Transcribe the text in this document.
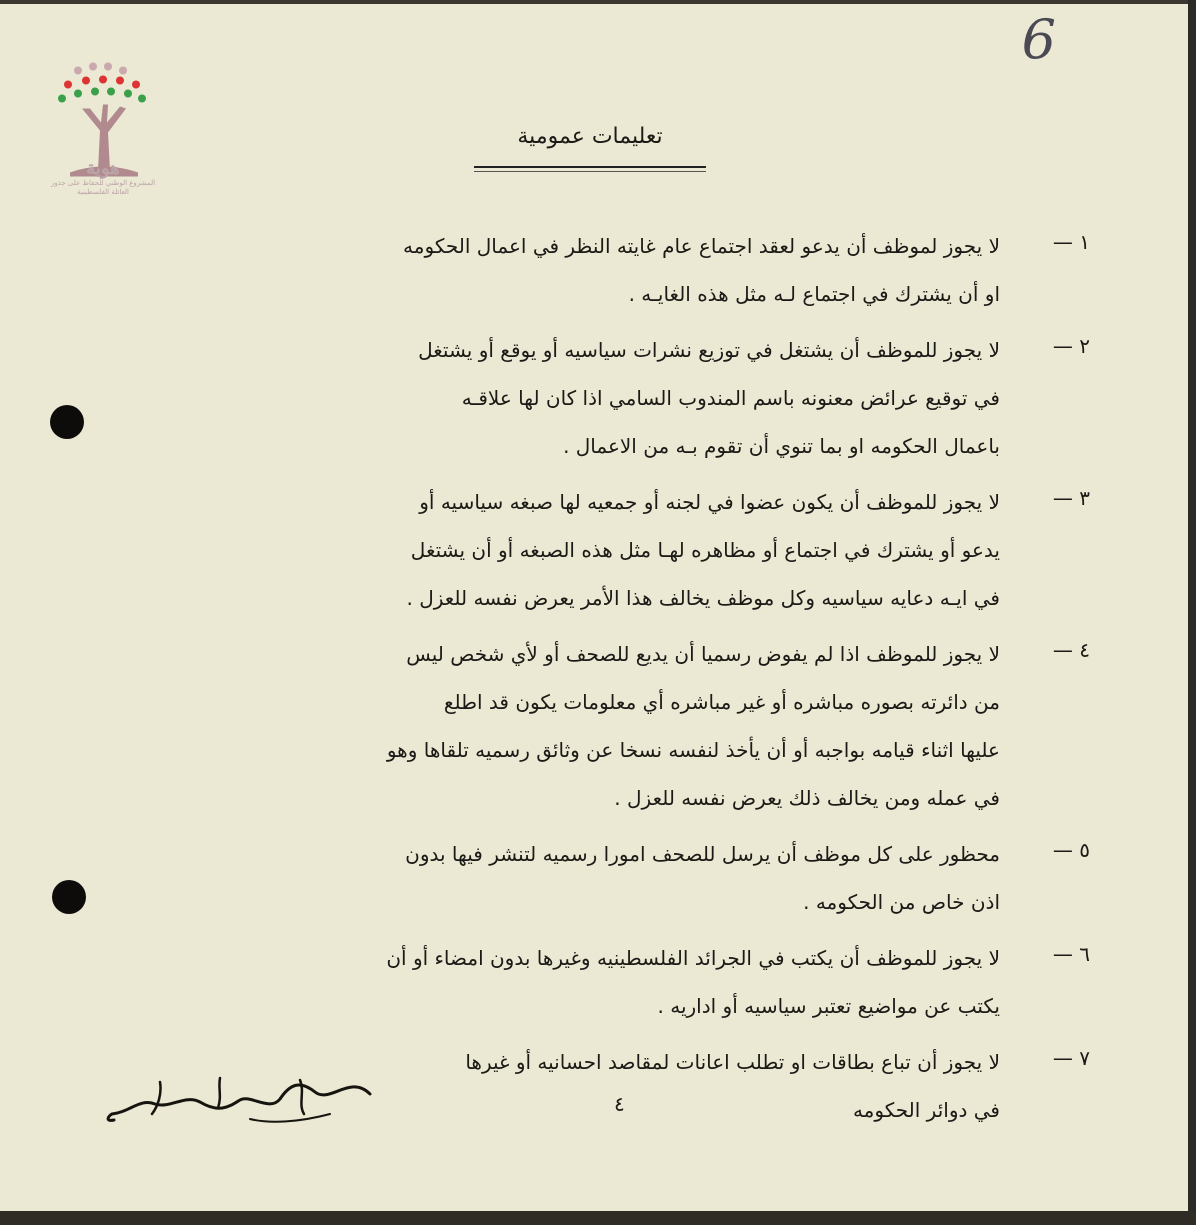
6
هوية
المشروع الوطني للحفاظ على جذور العائلة الفلسطينية
تعليمات عمومية
١ —
لا يجوز لموظف أن يدعو لعقد اجتماع عام غايته النظر في اعمال الحكومه
او أن يشترك في اجتماع لـه مثل هذه الغايـه .
٢ —
لا يجوز للموظف أن يشتغل في توزيع نشرات سياسيه أو يوقع أو يشتغل
في توقيع عرائض معنونه باسم المندوب السامي اذا كان لها علاقـه
باعمال الحكومه او بما تنوي أن تقوم بـه من الاعمال .
٣ —
لا يجوز للموظف أن يكون عضوا في لجنه أو جمعيه لها صبغه سياسيه أو
يدعو أو يشترك في اجتماع أو مظاهره لهـا مثل هذه الصبغه أو أن يشتغل
في ايـه دعايه سياسيه وكل موظف يخالف هذا الأمر يعرض نفسه للعزل .
٤ —
لا يجوز للموظف اذا لم يفوض رسميا أن يديع للصحف أو لأي شخص ليس
من دائرته بصوره مباشره أو غير مباشره أي معلومات يكون قد اطلع
عليها اثناء قيامه بواجبه أو أن يأخذ لنفسه نسخا عن وثائق رسميه تلقاها وهو
في عمله ومن يخالف ذلك يعرض نفسه للعزل .
٥ —
محظور على كل موظف أن يرسل للصحف امورا رسميه لتنشر فيها بدون
اذن خاص من الحكومه .
٦ —
لا يجوز للموظف أن يكتب في الجرائد الفلسطينيه وغيرها بدون امضاء أو أن
يكتب عن مواضيع تعتبر سياسيه أو اداريه .
٧ —
لا يجوز أن تباع بطاقات او تطلب اعانات لمقاصد احسانيه أو غيرها
في دوائر الحكومه
٤
